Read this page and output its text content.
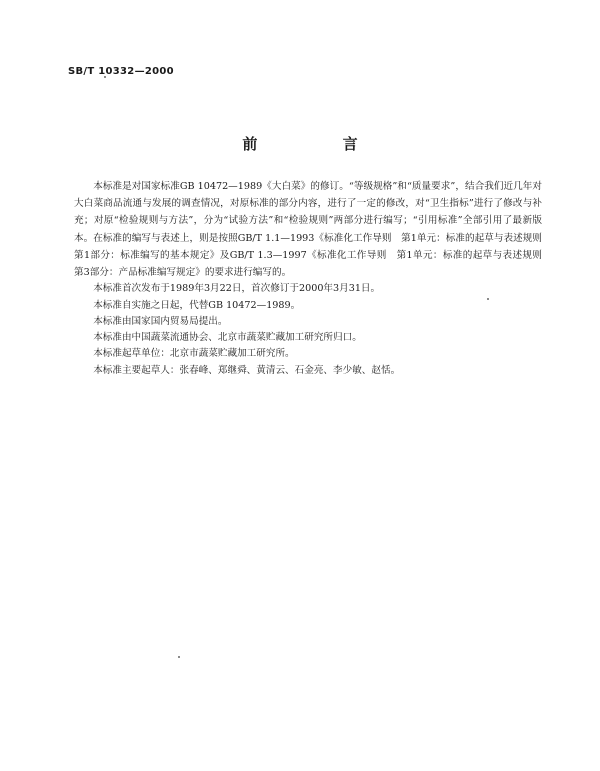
SB/T 10332—2000
前 言

本标准是对国家标准GB 10472—1989《大白菜》的修订。“等级规格”和“质量要求”，结合我们近几年对大白菜商品流通与发展的调查情况，对原标准的部分内容，进行了一定的修改，对“卫生指标”进行了修改与补充；对原“检验规则与方法”，分为“试验方法”和“检验规则”两部分进行编写；“引用标准”全部引用了最新版本。在标准的编写与表述上，则是按照GB/T 1.1—1993《标准化工作导则　第1单元：标准的起草与表述规则　第1部分：标准编写的基本规定》及GB/T 1.3—1997《标准化工作导则　第1单元：标准的起草与表述规则　第3部分：产品标准编写规定》的要求进行编写的。

本标准首次发布于1989年3月22日，首次修订于2000年3月31日。

本标准自实施之日起，代替GB 10472—1989。

本标准由国家国内贸易局提出。

本标准由中国蔬菜流通协会、北京市蔬菜贮藏加工研究所归口。

本标准起草单位：北京市蔬菜贮藏加工研究所。

本标准主要起草人：张春峰、郑继舜、黄清云、石金亮、李少敏、赵恬。
